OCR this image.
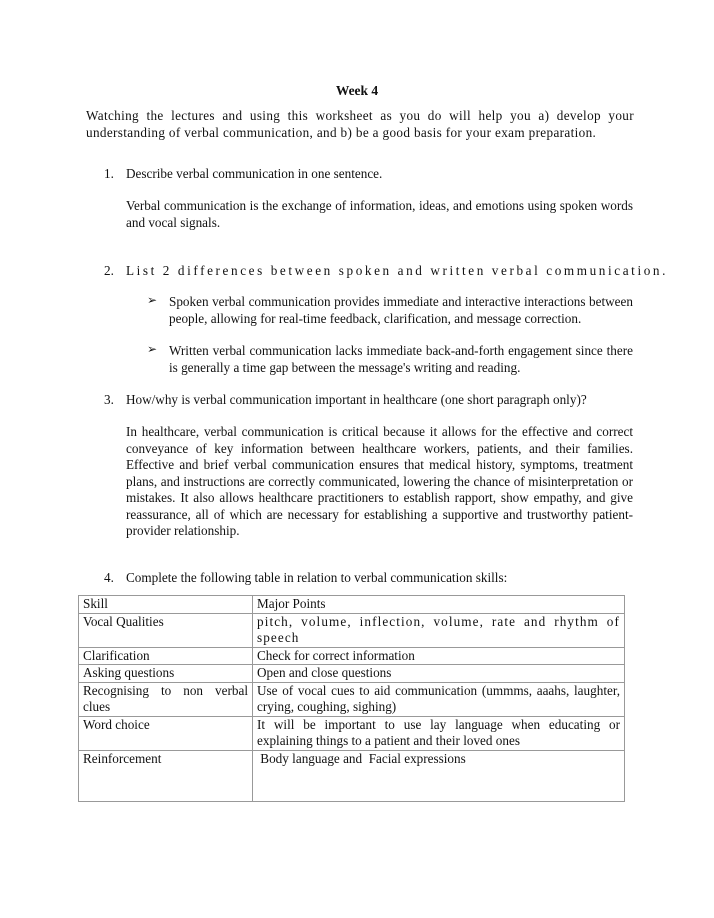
Week 4
Watching the lectures and using this worksheet as you do will help you a) develop your understanding of verbal communication, and b) be a good basis for your exam preparation.
1. Describe verbal communication in one sentence.
Verbal communication is the exchange of information, ideas, and emotions using spoken words and vocal signals.
2. List 2 differences between spoken and written verbal communication.
➢ Spoken verbal communication provides immediate and interactive interactions between people, allowing for real-time feedback, clarification, and message correction.
➢ Written verbal communication lacks immediate back-and-forth engagement since there is generally a time gap between the message's writing and reading.
3. How/why is verbal communication important in healthcare (one short paragraph only)?
In healthcare, verbal communication is critical because it allows for the effective and correct conveyance of key information between healthcare workers, patients, and their families. Effective and brief verbal communication ensures that medical history, symptoms, treatment plans, and instructions are correctly communicated, lowering the chance of misinterpretation or mistakes. It also allows healthcare practitioners to establish rapport, show empathy, and give reassurance, all of which are necessary for establishing a supportive and trustworthy patient-provider relationship.
4. Complete the following table in relation to verbal communication skills:
Skill	Major Points
Vocal Qualities	pitch, volume, inflection, volume, rate and rhythm of speech
Clarification	Check for correct information
Asking questions	Open and close questions
Recognising to non verbal clues	Use of vocal cues to aid communication (ummms, aaahs, laughter, crying, coughing, sighing)
Word choice	It will be important to use lay language when educating or explaining things to a patient and their loved ones
Reinforcement	Body language and  Facial expressions
